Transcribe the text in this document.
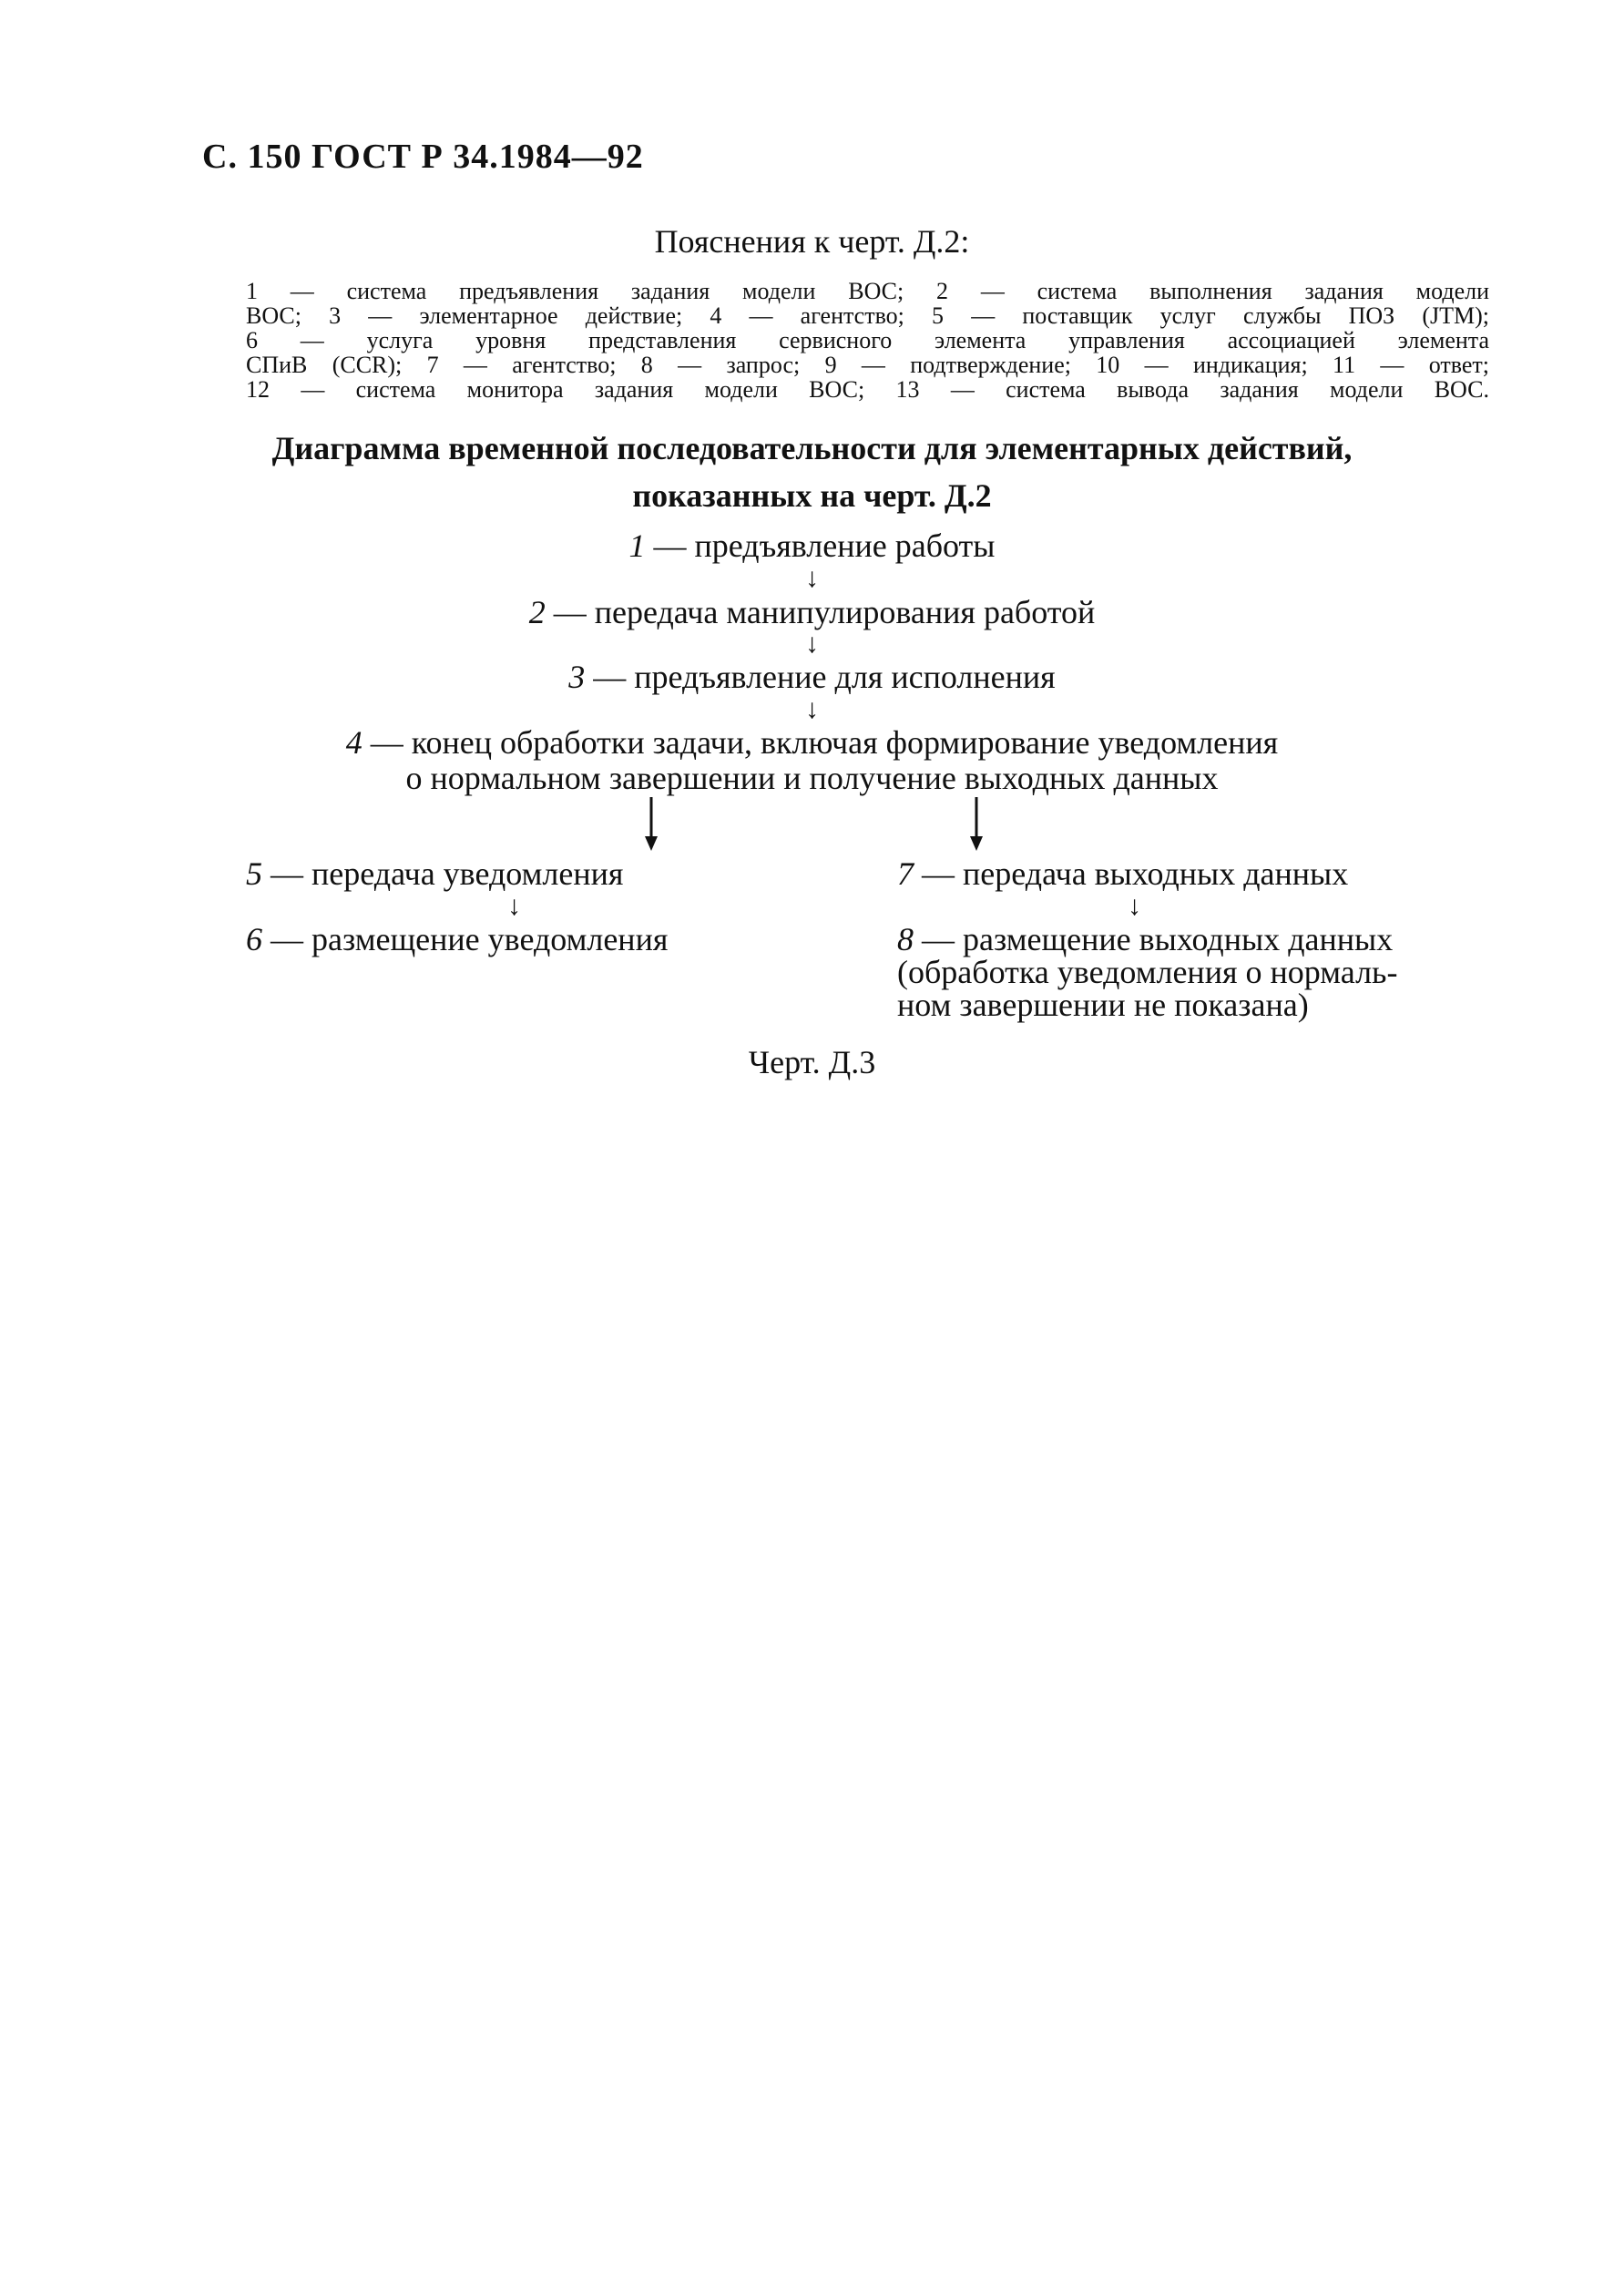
С. 150 ГОСТ Р 34.1984—92
Пояснения к черт. Д.2:
1 — система предъявления задания модели ВОС; 2 — система выполнения задания модели
ВОС; 3 — элементарное действие; 4 — агентство; 5 — поставщик услуг службы ПОЗ (JTM);
6 — услуга уровня представления сервисного элемента управления ассоциацией элемента
СПиВ (CCR); 7 — агентство; 8 — запрос; 9 — подтверждение; 10 — индикация; 11 — ответ;
12 — система монитора задания модели ВОС; 13 — система вывода задания модели ВОС.
Диаграмма временной последовательности для элементарных действий,
показанных на черт. Д.2
1 — предъявление работы
↓
2 — передача манипулирования работой
↓
3 — предъявление для исполнения
↓
4 — конец обработки задачи, включая формирование уведомления
о нормальном завершении и получение выходных данных
5 — передача уведомления
↓
6 — размещение уведомления
7 — передача выходных данных
↓
8 — размещение выходных данных
(обработка уведомления о нормаль-
ном завершении не показана)
Черт. Д.3
